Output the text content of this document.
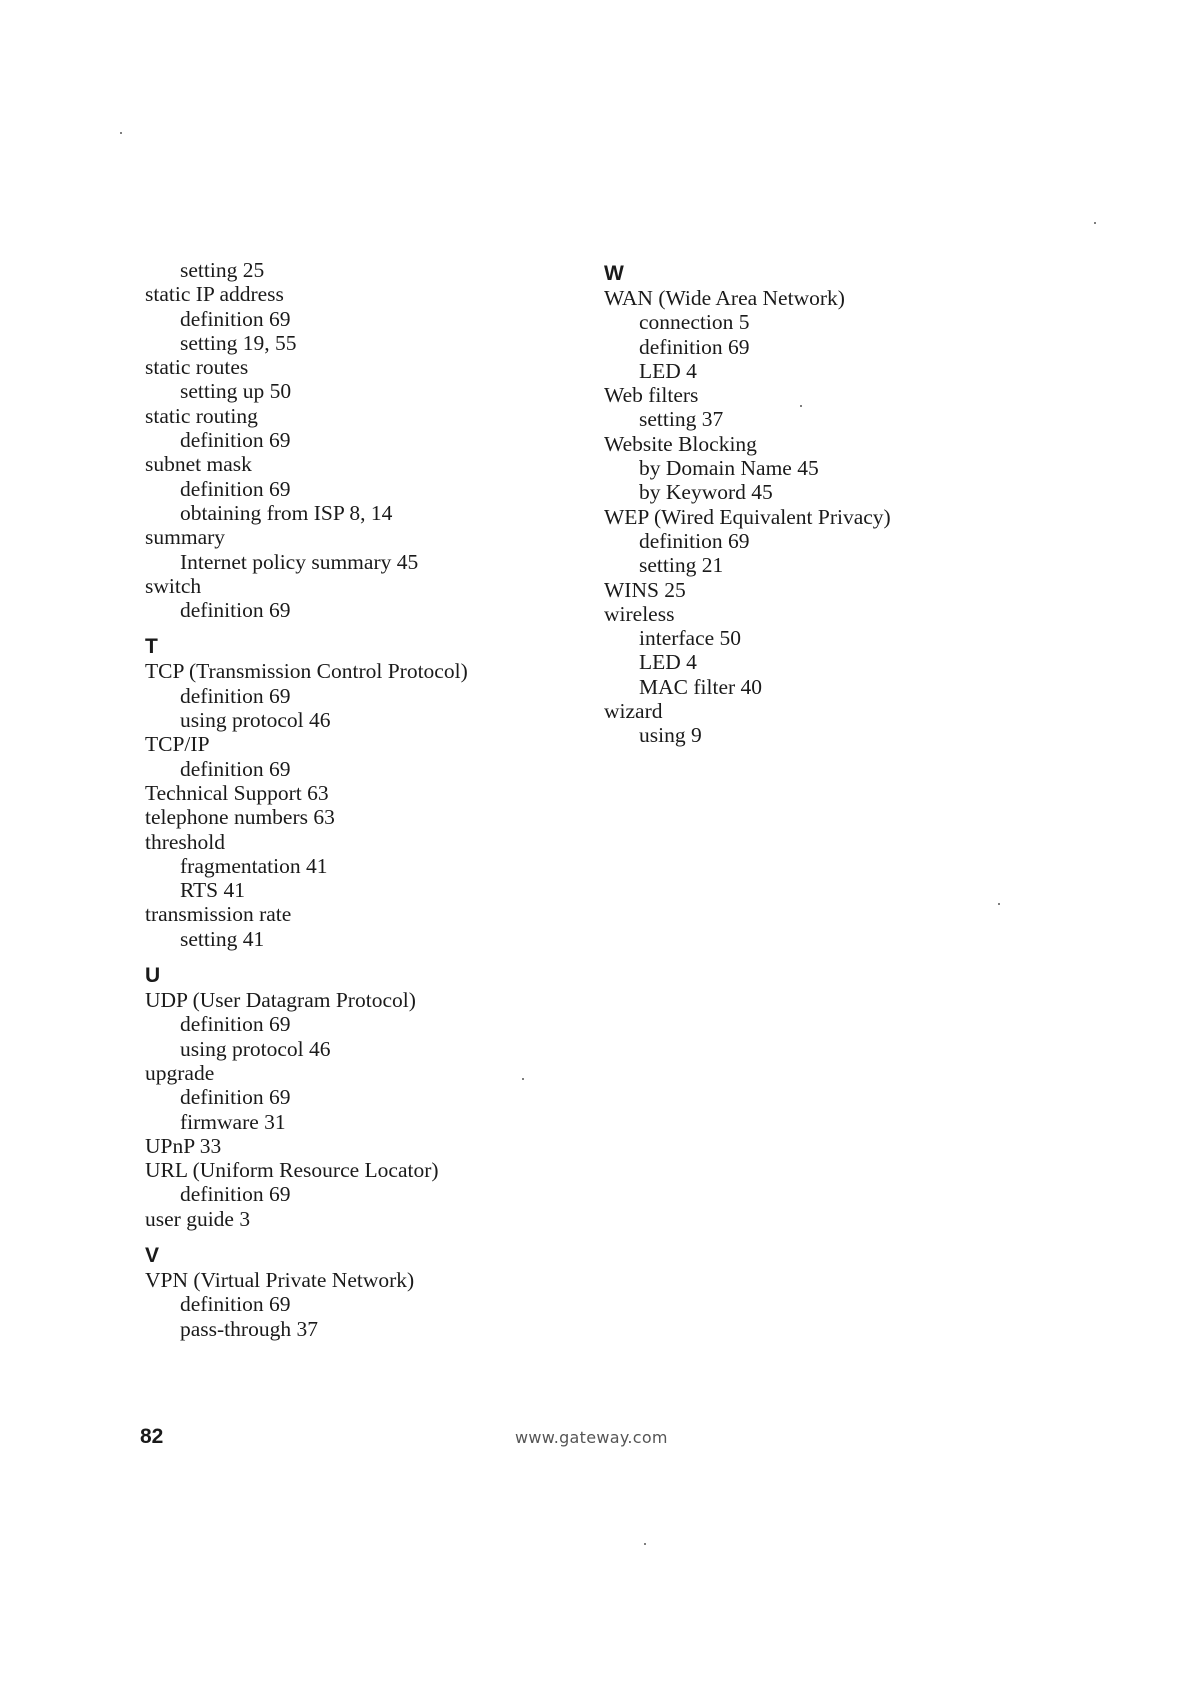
setting 25
static IP address
definition 69
setting 19, 55
static routes
setting up 50
static routing
definition 69
subnet mask
definition 69
obtaining from ISP 8, 14
summary
Internet policy summary 45
switch
definition 69
T
TCP (Transmission Control Protocol)
definition 69
using protocol 46
TCP/IP
definition 69
Technical Support 63
telephone numbers 63
threshold
fragmentation 41
RTS 41
transmission rate
setting 41
U
UDP (User Datagram Protocol)
definition 69
using protocol 46
upgrade
definition 69
firmware 31
UPnP 33
URL (Uniform Resource Locator)
definition 69
user guide 3
V
VPN (Virtual Private Network)
definition 69
pass-through 37
W
WAN (Wide Area Network)
connection 5
definition 69
LED 4
Web filters
setting 37
Website Blocking
by Domain Name 45
by Keyword 45
WEP (Wired Equivalent Privacy)
definition 69
setting 21
WINS 25
wireless
interface 50
LED 4
MAC filter 40
wizard
using 9
82	www.gateway.com
